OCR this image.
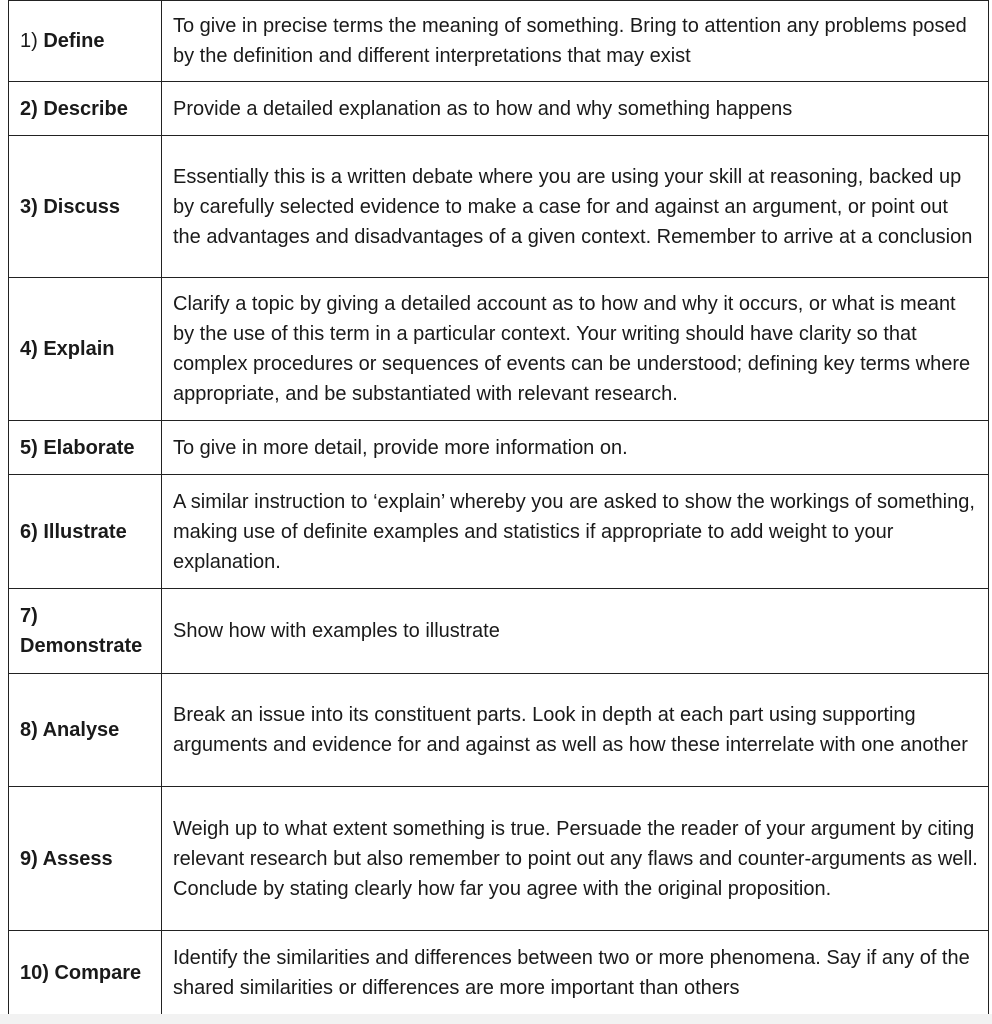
1) Define	To give in precise terms the meaning of something. Bring to attention any problems posed by the definition and different interpretations that may exist
2) Describe	Provide a detailed explanation as to how and why something happens
3) Discuss	Essentially this is a written debate where you are using your skill at reasoning, backed up by carefully selected evidence to make a case for and against an argument, or point out the advantages and disadvantages of a given context. Remember to arrive at a conclusion
4) Explain	Clarify a topic by giving a detailed account as to how and why it occurs, or what is meant by the use of this term in a particular context. Your writing should have clarity so that complex procedures or sequences of events can be understood; defining key terms where appropriate, and be substantiated with relevant research.
5) Elaborate	To give in more detail, provide more information on.
6) Illustrate	A similar instruction to ‘explain’ whereby you are asked to show the workings of something, making use of definite examples and statistics if appropriate to add weight to your explanation.
7) Demonstrate	Show how with examples to illustrate
8) Analyse	Break an issue into its constituent parts. Look in depth at each part using supporting arguments and evidence for and against as well as how these interrelate with one another
9) Assess	Weigh up to what extent something is true. Persuade the reader of your argument by citing relevant research but also remember to point out any flaws and counter-arguments as well. Conclude by stating clearly how far you agree with the original proposition.
10) Compare	Identify the similarities and differences between two or more phenomena. Say if any of the shared similarities or differences are more important than others
